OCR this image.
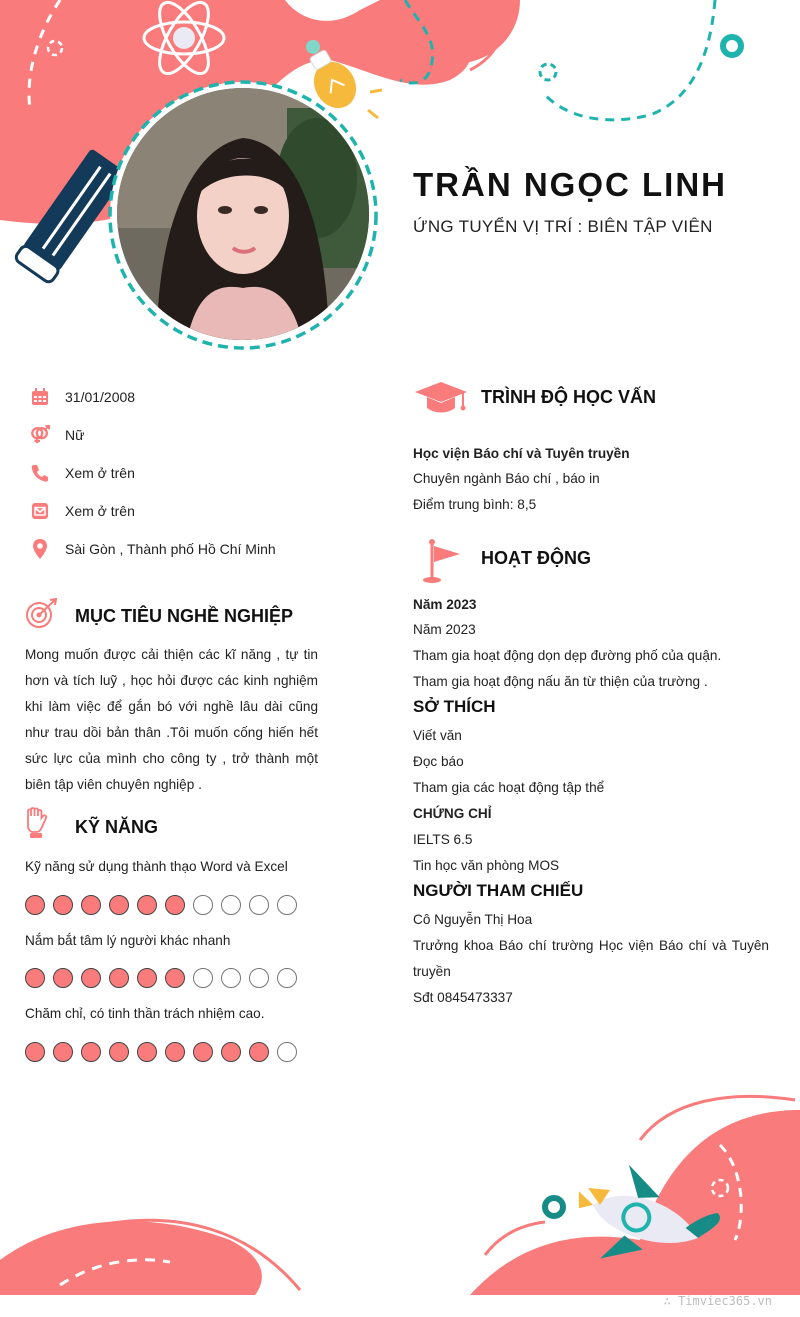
TRẦN NGỌC LINH
ỨNG TUYỂN VỊ TRÍ : BIÊN TẬP VIÊN
31/01/2008
Nữ
Xem ở trên
Xem ở trên
Sài Gòn , Thành phố Hồ Chí Minh
MỤC TIÊU NGHỀ NGHIỆP
Mong muốn được cải thiện các kĩ năng , tự tin hơn và tích luỹ , học hỏi được các kinh nghiệm khi làm việc để gắn bó với nghề lâu dài cũng như trau dồi bản thân .Tôi muốn cống hiến hết sức lực của mình cho công ty , trở thành một biên tập viên chuyên nghiệp .
KỸ NĂNG
Kỹ năng sử dụng thành thạo Word và Excel
Nắm bắt tâm lý người khác nhanh
Chăm chỉ, có tinh thần trách nhiệm cao.
TRÌNH ĐỘ HỌC VẤN
Học viện Báo chí và Tuyên truyền
Chuyên ngành Báo chí , báo in
Điểm trung bình: 8,5
HOẠT ĐỘNG
Năm 2023
Năm 2023
Tham gia hoạt động dọn dẹp đường phố của quận.
Tham gia hoạt động nấu ăn từ thiện của trường .
SỞ THÍCH
Viết văn
Đọc báo
Tham gia các hoạt động tập thể
CHỨNG CHỈ
IELTS 6.5
Tin học văn phòng MOS
NGƯỜI THAM CHIẾU
Cô Nguyễn Thị Hoa
Trưởng khoa Báo chí trường Học viện Báo chí và Tuyên
truyền
Sđt 0845473337
∴ Timviec365.vn
